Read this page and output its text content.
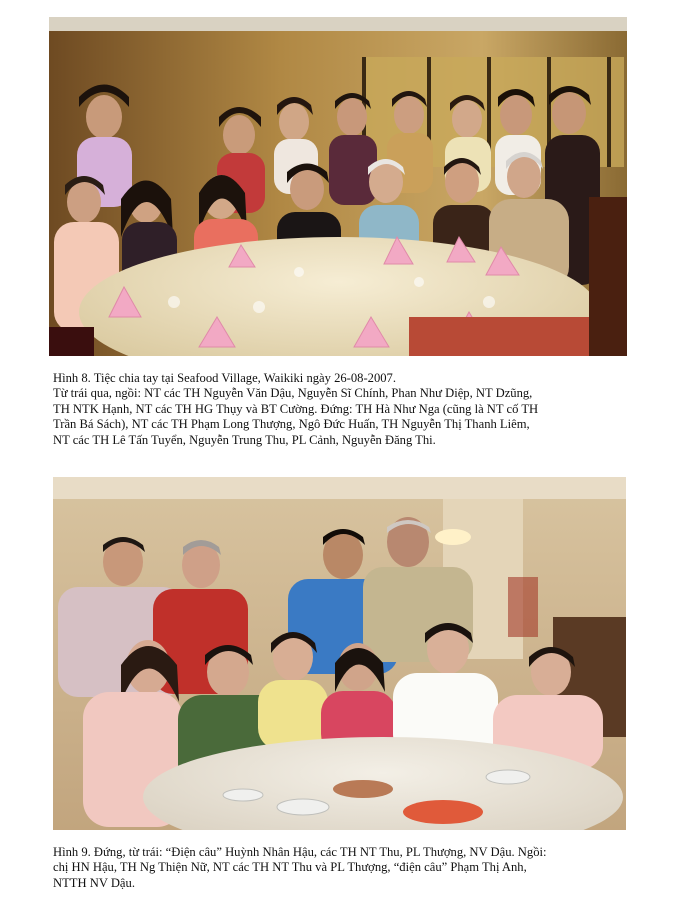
Hình 8. Tiệc chia tay tại Seafood Village, Waikiki ngày 26-08-2007.
Từ trái qua, ngồi: NT các TH Nguyễn Văn Dậu, Nguyễn Sĩ Chính, Phan Như Diệp, NT Dzũng,
TH NTK Hạnh, NT các TH HG Thụy và BT Cường. Đứng: TH Hà Như Nga (cũng là NT cố TH
Trần Bá Sách), NT các TH Phạm Long Thượng, Ngô Đức Huấn, TH Nguyễn Thị Thanh Liêm,
NT các TH Lê Tấn Tuyển, Nguyễn Trung Thu, PL Cảnh, Nguyễn Đăng Thi.

Hình 9. Đứng, từ trái: “Điện câu” Huỳnh Nhân Hậu, các TH NT Thu, PL Thượng, NV Dậu. Ngồi:
chị HN Hậu, TH Ng Thiện Nữ, NT các TH NT Thu và PL Thượng, “điện câu” Phạm Thị Anh,
NTTH NV Dậu.
